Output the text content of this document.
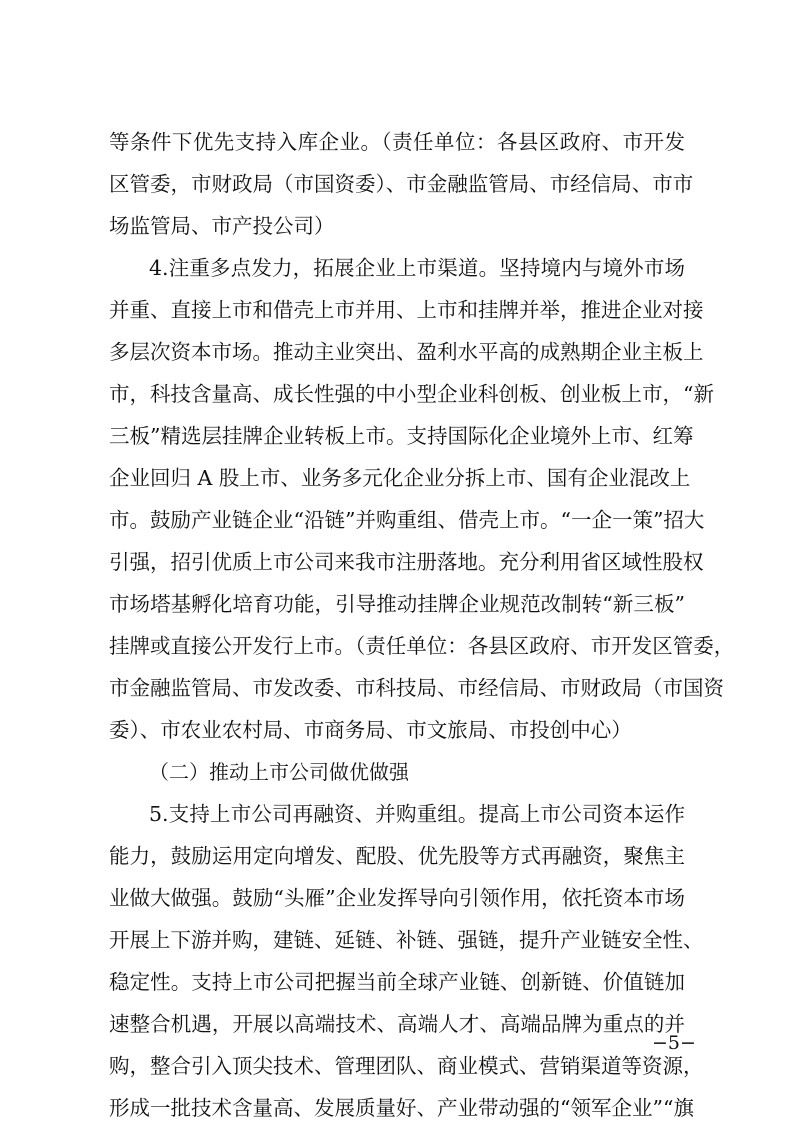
等条件下优先支持入库企业。（责任单位：各县区政府、市开发
区管委，市财政局（市国资委）、市金融监管局、市经信局、市市
场监管局、市产投公司）
4.注重多点发力，拓展企业上市渠道。坚持境内与境外市场
并重、直接上市和借壳上市并用、上市和挂牌并举，推进企业对接
多层次资本市场。推动主业突出、盈利水平高的成熟期企业主板上
市，科技含量高、成长性强的中小型企业科创板、创业板上市，“新
三板”精选层挂牌企业转板上市。支持国际化企业境外上市、红筹
企业回归 A 股上市、业务多元化企业分拆上市、国有企业混改上
市。鼓励产业链企业“沿链”并购重组、借壳上市。“一企一策”招大
引强，招引优质上市公司来我市注册落地。充分利用省区域性股权
市场塔基孵化培育功能，引导推动挂牌企业规范改制转“新三板”
挂牌或直接公开发行上市。（责任单位：各县区政府、市开发区管委，
市金融监管局、市发改委、市科技局、市经信局、市财政局（市国资
委）、市农业农村局、市商务局、市文旅局、市投创中心）
（二）推动上市公司做优做强
5.支持上市公司再融资、并购重组。提高上市公司资本运作
能力，鼓励运用定向增发、配股、优先股等方式再融资，聚焦主
业做大做强。鼓励“头雁”企业发挥导向引领作用，依托资本市场
开展上下游并购，建链、延链、补链、强链，提升产业链安全性、
稳定性。支持上市公司把握当前全球产业链、创新链、价值链加
速整合机遇，开展以高端技术、高端人才、高端品牌为重点的并
购，整合引入顶尖技术、管理团队、商业模式、营销渠道等资源，
形成一批技术含量高、发展质量好、产业带动强的“领军企业”“旗
−5−
